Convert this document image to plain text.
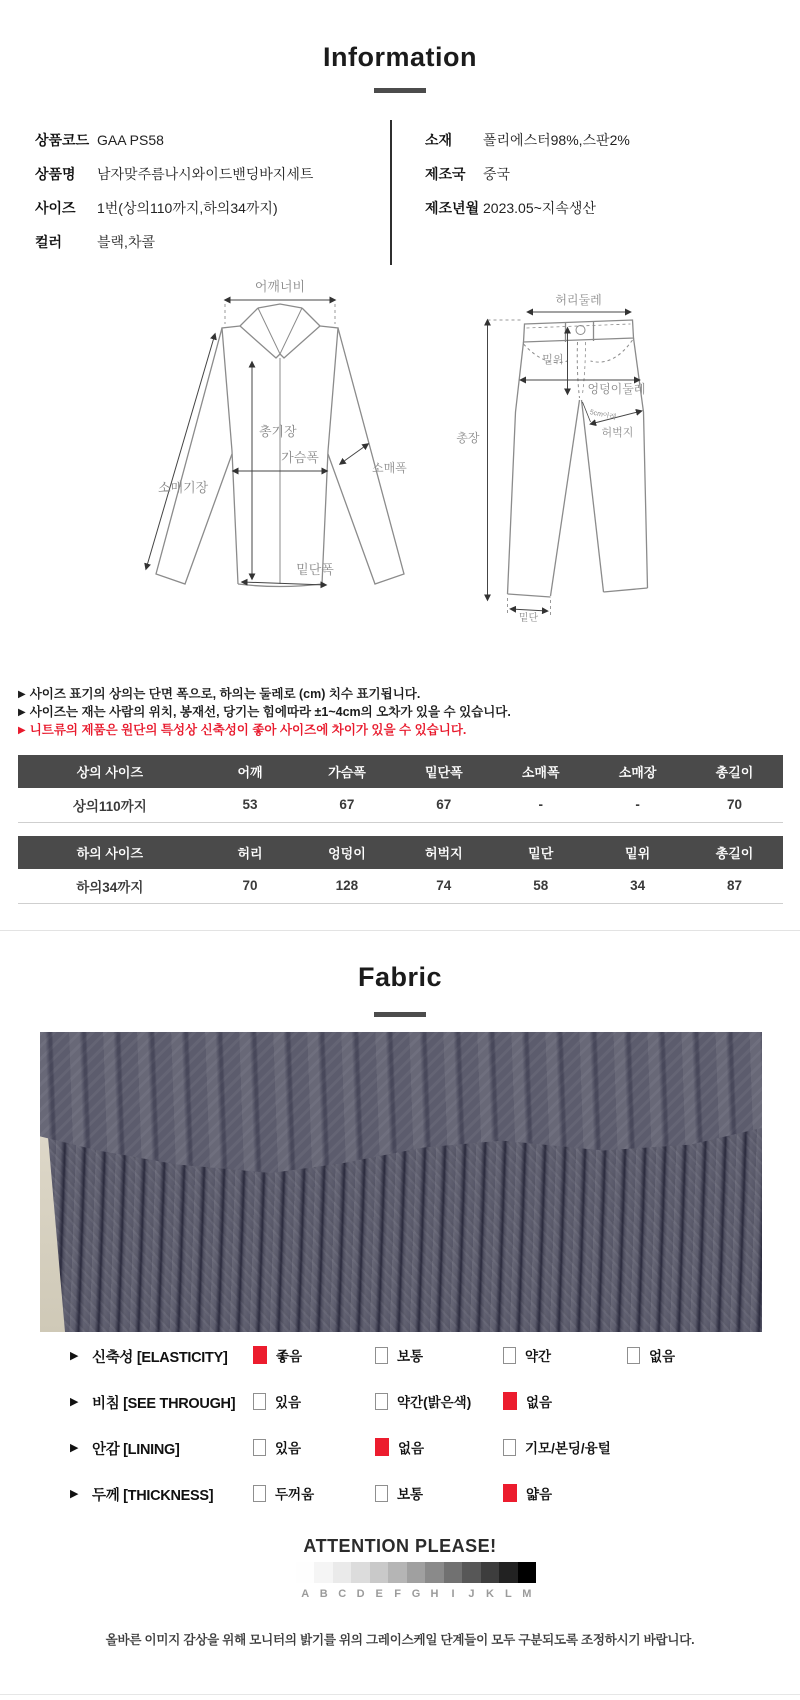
Information
상품코드 GAA PS58
상품명	남자맞주름나시와이드밴딩바지세트
사이즈	1번(상의110까지,하의34까지)
컬러	블랙,차콜
소재	폴리에스터98%,스판2%
제조국	중국
제조년월 2023.05~지속생산
어깨너비
총기장
가슴폭
소매폭
소매기장
밑단폭
허리둘레
총장
밑위
엉덩이둘레
5cm아래
허벅지
밑단
▶ 사이즈 표기의 상의는 단면 폭으로, 하의는 둘레로 (cm) 치수 표기됩니다.
▶ 사이즈는 재는 사람의 위치, 봉재선, 당기는 힘에따라 ±1~4cm의 오차가 있을 수 있습니다.
▶ 니트류의 제품은 원단의 특성상 신축성이 좋아 사이즈에 차이가 있을 수 있습니다.
상의 사이즈	어깨	가슴폭	밑단폭	소매폭	소매장	총길이
상의110까지	53	67	67	-	-	70
하의 사이즈	허리	엉덩이	허벅지	밑단	밑위	총길이
하의34까지	70	128	74	58	34	87
Fabric
▶ 신축성 [ELASTICITY]	좋음	보통	약간	없음
▶ 비침 [SEE THROUGH]	있음	약간(밝은색)	없음
▶ 안감 [LINING]	있음	없음	기모/본딩/융털
▶ 두께 [THICKNESS]	두꺼움	보통	얇음
ATTENTION PLEASE!
A B C D E	F G H	I	J	K	L M
올바른 이미지 감상을 위해 모니터의 밝기를 위의 그레이스케일 단계들이 모두 구분되도록 조정하시기 바랍니다.
